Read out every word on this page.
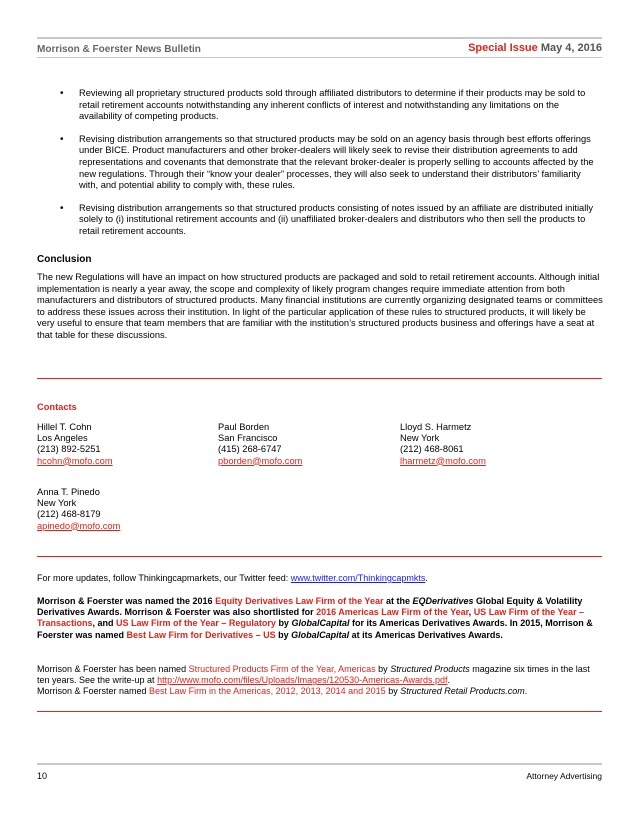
Morrison & Foerster News Bulletin	Special Issue May 4, 2016
• Reviewing all proprietary structured products sold through affiliated distributors to determine if their products may be sold to retail retirement accounts notwithstanding any inherent conflicts of interest and notwithstanding any limitations on the availability of competing products.
• Revising distribution arrangements so that structured products may be sold on an agency basis through best efforts offerings under BICE. Product manufacturers and other broker-dealers will likely seek to revise their distribution agreements to add representations and covenants that demonstrate that the relevant broker-dealer is properly selling to accounts affected by the new regulations. Through their “know your dealer” processes, they will also seek to understand their distributors’ familiarity with, and potential ability to comply with, these rules.
• Revising distribution arrangements so that structured products consisting of notes issued by an affiliate are distributed initially solely to (i) institutional retirement accounts and (ii) unaffiliated broker-dealers and distributors who then sell the products to retail retirement accounts.
Conclusion

The new Regulations will have an impact on how structured products are packaged and sold to retail retirement accounts. Although initial implementation is nearly a year away, the scope and complexity of likely program changes require immediate attention from both manufacturers and distributors of structured products. Many financial institutions are currently organizing designated teams or committees to address these issues across their institution. In light of the particular application of these rules to structured products, it will likely be very useful to ensure that team members that are familiar with the institution’s structured products business and offerings have a seat at that table for these discussions.

Contacts
Hillel T. Cohn
Los Angeles
(213) 892-5251
hcohn@mofo.com
Paul Borden
San Francisco
(415) 268-6747
pborden@mofo.com
Lloyd S. Harmetz
New York
(212) 468-8061
lharmetz@mofo.com
Anna T. Pinedo
New York
(212) 468-8179
apinedo@mofo.com

For more updates, follow Thinkingcapmarkets, our Twitter feed: www.twitter.com/Thinkingcapmkts.

Morrison & Foerster was named the 2016 Equity Derivatives Law Firm of the Year at the EQDerivatives Global Equity & Volatility Derivatives Awards. Morrison & Foerster was also shortlisted for 2016 Americas Law Firm of the Year, US Law Firm of the Year – Transactions, and US Law Firm of the Year – Regulatory by GlobalCapital for its Americas Derivatives Awards. In 2015, Morrison & Foerster was named Best Law Firm for Derivatives – US by GlobalCapital at its Americas Derivatives Awards.

Morrison & Foerster has been named Structured Products Firm of the Year, Americas by Structured Products magazine six times in the last ten years. See the write-up at http://www.mofo.com/files/Uploads/Images/120530-Americas-Awards.pdf.
Morrison & Foerster named Best Law Firm in the Americas, 2012, 2013, 2014 and 2015 by Structured Retail Products.com.

10	Attorney Advertising
